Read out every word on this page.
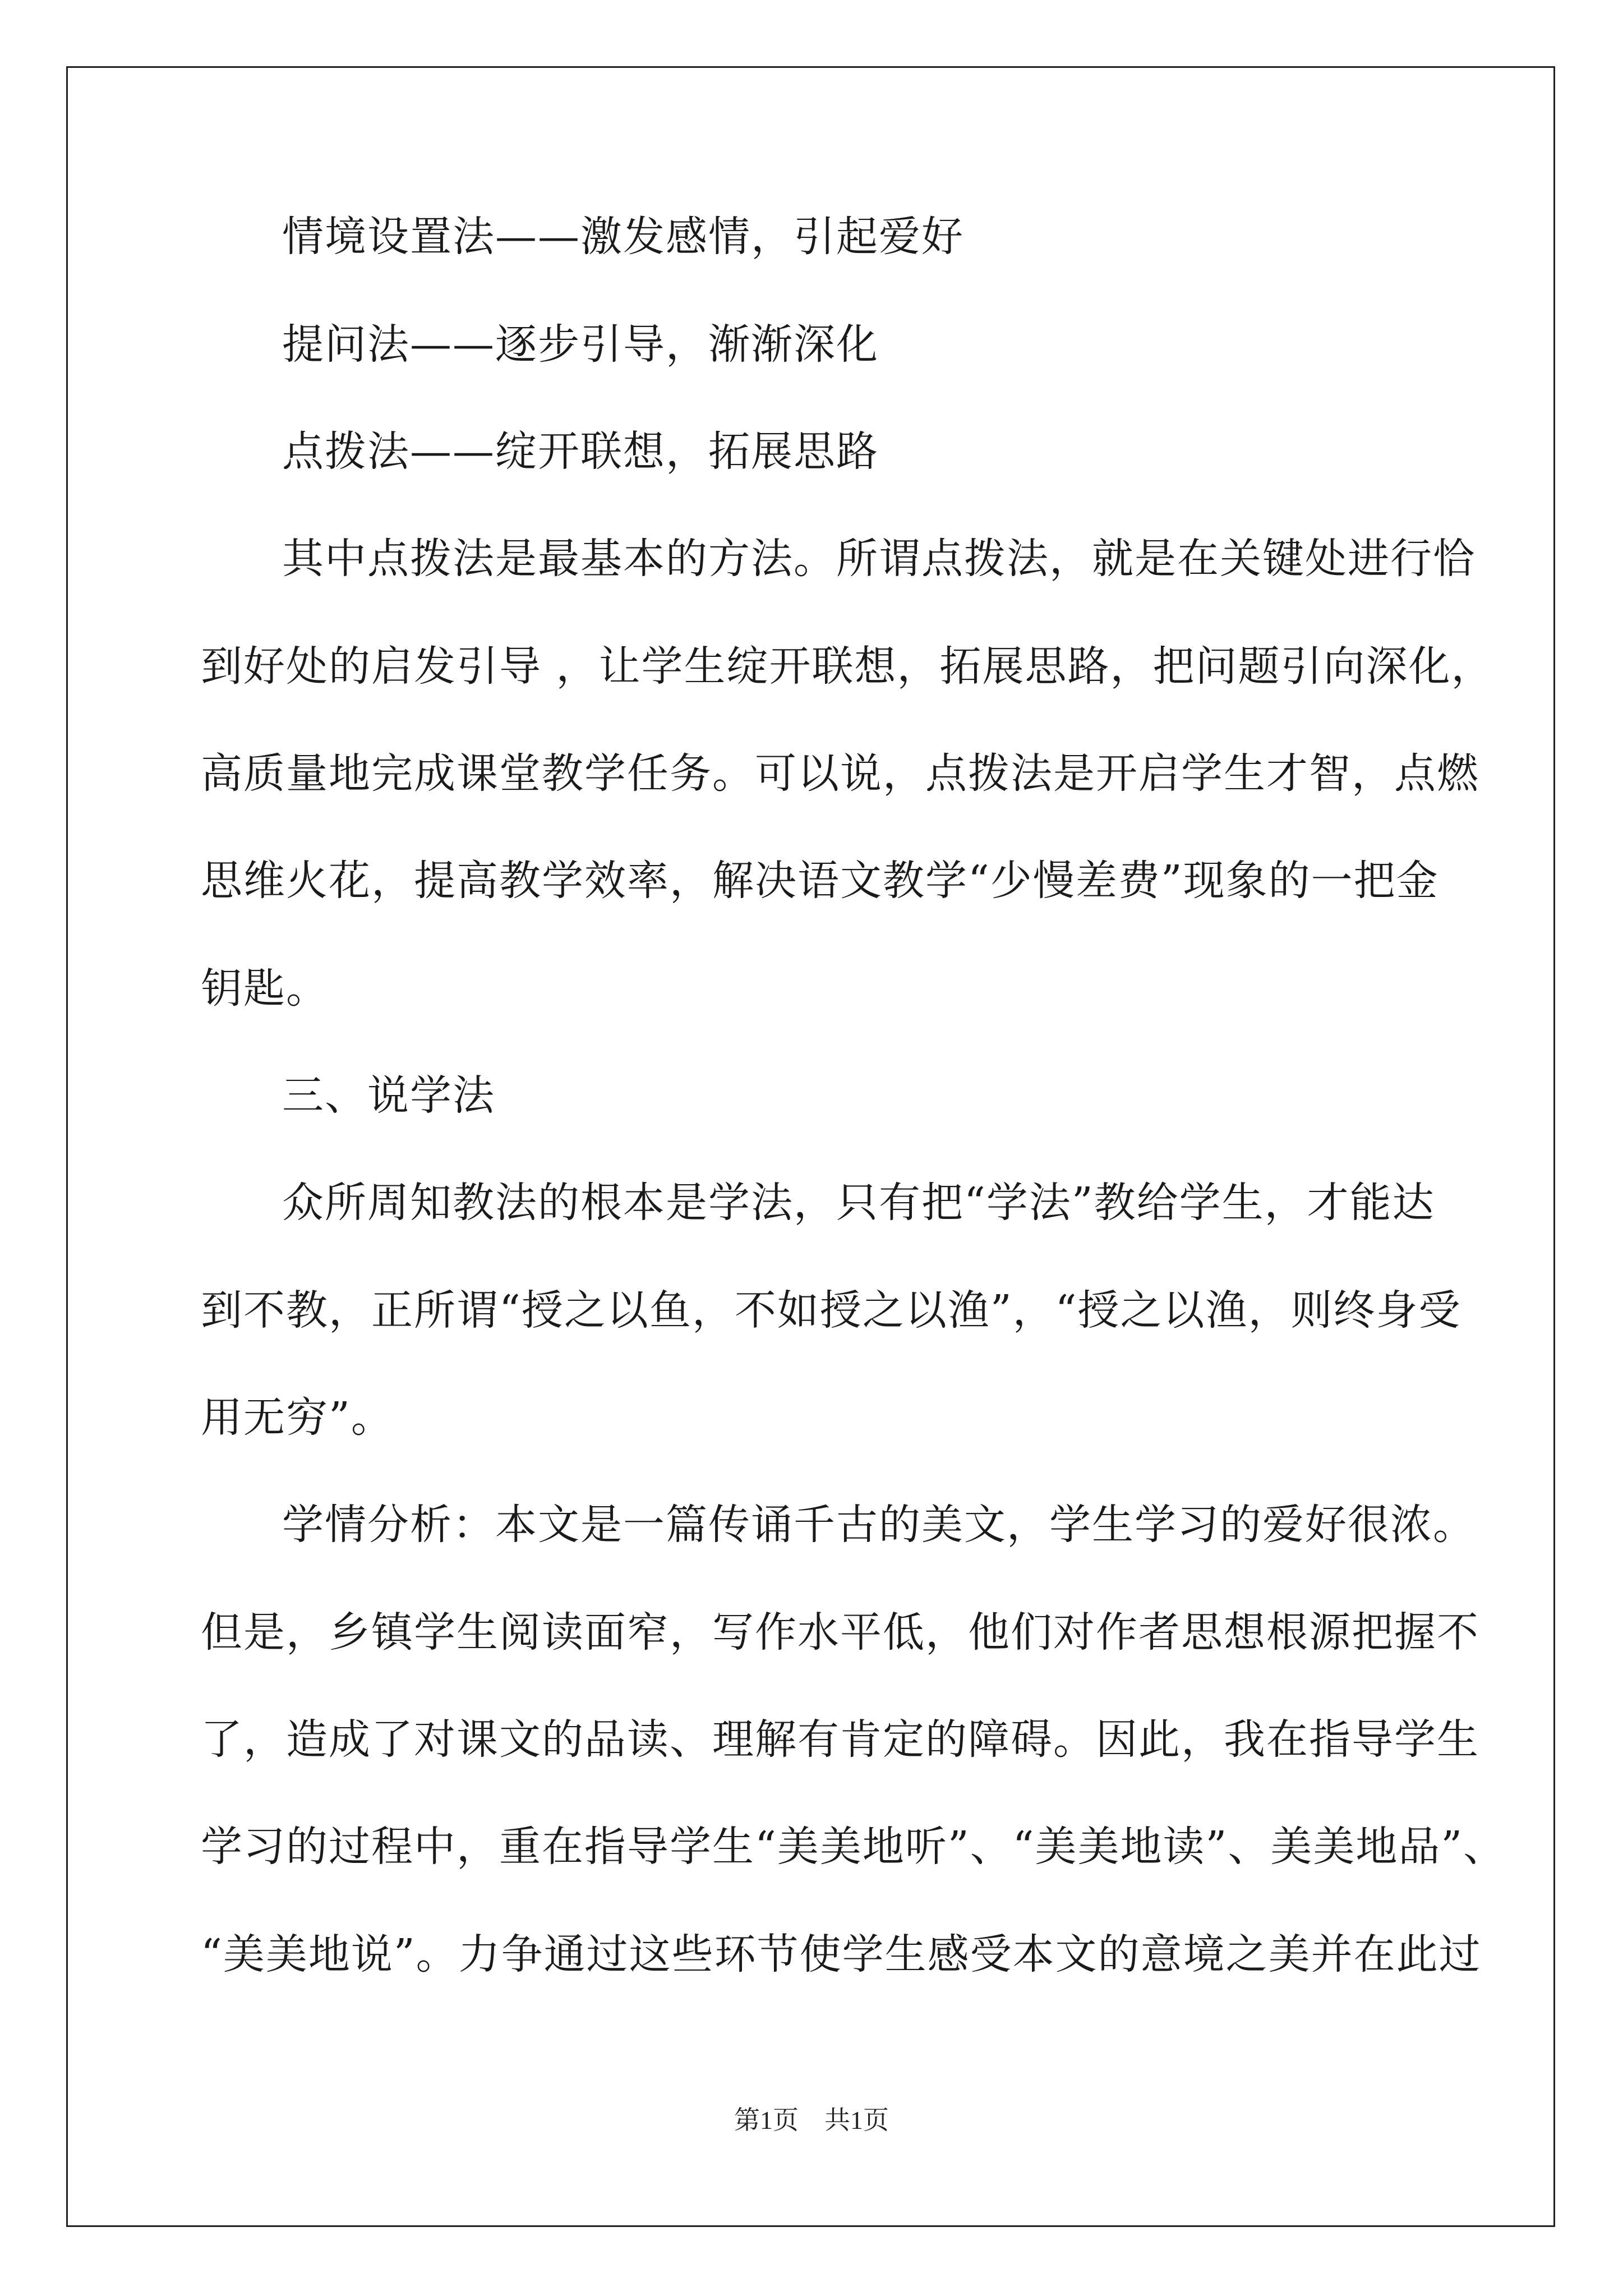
情境设置法——激发感情，引起爱好
提问法——逐步引导，渐渐深化
点拨法——绽开联想，拓展思路
其中点拨法是最基本的方法。所谓点拨法，就是在关键处进行恰
到好处的启发引导 ，让学生绽开联想，拓展思路，把问题引向深化，
高质量地完成课堂教学任务。可以说，点拨法是开启学生才智，点燃
思维火花，提高教学效率，解决语文教学“少慢差费”现象的一把金
钥匙。
三、说学法
众所周知教法的根本是学法，只有把“学法”教给学生，才能达
到不教，正所谓“授之以鱼，不如授之以渔”，“授之以渔，则终身受
用无穷”。
学情分析：本文是一篇传诵千古的美文，学生学习的爱好很浓。
但是，乡镇学生阅读面窄，写作水平低，他们对作者思想根源把握不
了，造成了对课文的品读、理解有肯定的障碍。因此，我在指导学生
学习的过程中，重在指导学生“美美地听”、“美美地读”、美美地品”、
“美美地说”。力争通过这些环节使学生感受本文的意境之美并在此过
第1页　共1页
